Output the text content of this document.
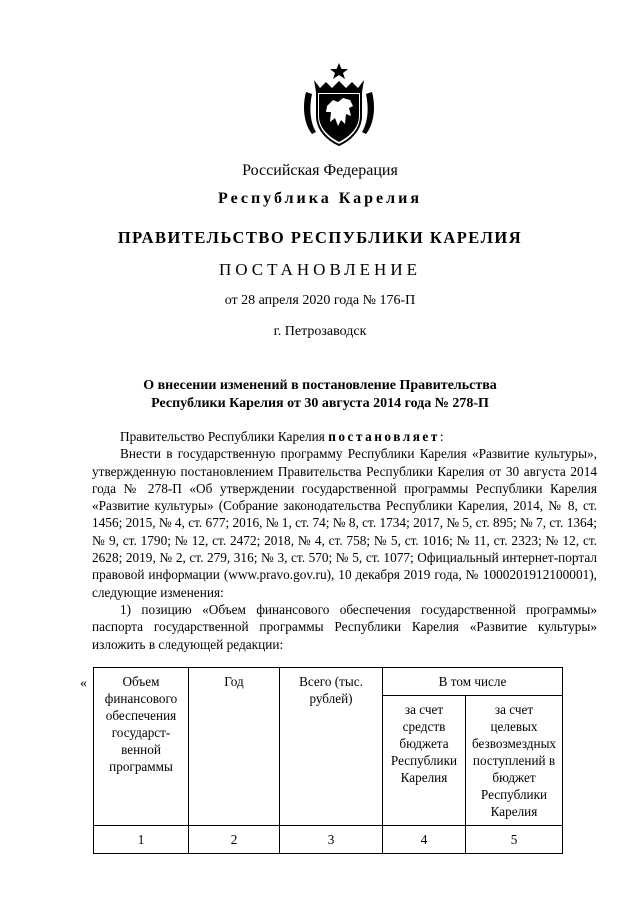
Российская Федерация
Республика Карелия
ПРАВИТЕЛЬСТВО РЕСПУБЛИКИ КАРЕЛИЯ
ПОСТАНОВЛЕНИЕ
от 28 апреля 2020 года № 176-П
г. Петрозаводск
О внесении изменений в постановление Правительства
Республики Карелия от 30 августа 2014 года № 278-П

Правительство Республики Карелия постановляет:

Внести в государственную программу Республики Карелия «Развитие культуры», утвержденную постановлением Правительства Республики Карелия от 30 августа 2014 года № 278-П «Об утверждении государственной программы Республики Карелия «Развитие культуры» (Собрание законодательства Республики Карелия, 2014, № 8, ст. 1456; 2015, № 4, ст. 677; 2016, № 1, ст. 74; № 8, ст. 1734; 2017, № 5, ст. 895; № 7, ст. 1364; № 9, ст. 1790; № 12, ст. 2472; 2018, № 4, ст. 758; № 5, ст. 1016; № 11, ст. 2323; № 12, ст. 2628; 2019, № 2, ст. 279, 316; № 3, ст. 570; № 5, ст. 1077; Официальный интернет-портал правовой информации (www.pravo.gov.ru), 10 декабря 2019 года, № 1000201912100001), следующие изменения:

1) позицию «Объем финансового обеспечения государственной программы» паспорта государственной программы Республики Карелия «Развитие культуры» изложить в следующей редакции:

«	Объем финансового обеспечения государст-венной программы	Год	Всего (тыс. рублей)	В том числе	
			за счет средств бюджета Республики Карелия	за счет целевых безвозмездных поступлений в бюджет Республики Карелия
1	2	3	4	5
